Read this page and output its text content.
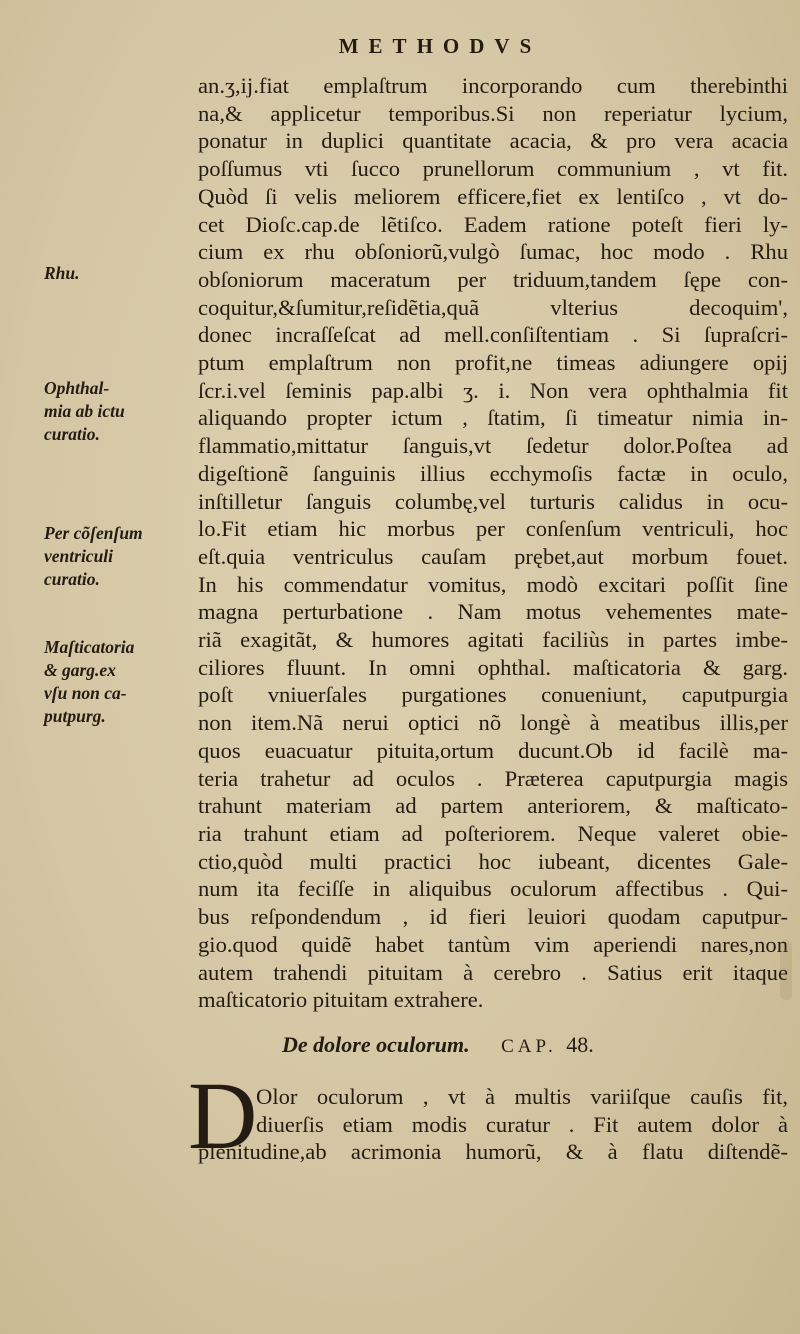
METHODVS
an.ʒ,ij.fiat emplaſtrum incorporando cum therebinthi
na,& applicetur temporibus.Si non reperiatur lycium,
ponatur in duplici quantitate acacia, & pro vera acacia
poſſumus vti ſucco prunellorum communium , vt fit.
Quòd ſi velis meliorem efficere,fiet ex lentiſco , vt do-
cet Dioſc.cap.de lẽtiſco. Eadem ratione poteſt fieri ly-
cium ex rhu obſoniorũ,vulgò ſumac, hoc modo . Rhu
obſoniorum maceratum per triduum,tandem ſępe con-
coquitur,&ſumitur,reſidẽtia,quã vlterius decoquim',
donec incraſſeſcat ad mell.conſiſtentiam . Si ſupraſcri-
ptum emplaſtrum non profit,ne timeas adiungere opij
ſcr.i.vel ſeminis pap.albi ʒ. i. Non vera ophthalmia fit
aliquando propter ictum , ſtatim, ſi timeatur nimia in-
flammatio,mittatur ſanguis,vt ſedetur dolor.Poſtea ad
digeſtionẽ ſanguinis illius ecchymoſis factæ in oculo,
inſtilletur ſanguis columbę,vel turturis calidus in ocu-
lo.Fit etiam hic morbus per conſenſum ventriculi, hoc
eſt.quia ventriculus cauſam prębet,aut morbum fouet.
In his commendatur vomitus, modò excitari poſſit ſine
magna perturbatione . Nam motus vehementes mate-
riã exagitãt, & humores agitati faciliùs in partes imbe-
ciliores fluunt. In omni ophthal. maſticatoria & garg.
poſt vniuerſales purgationes conueniunt, caputpurgia
non item.Nã nerui optici nõ longè à meatibus illis,per
quos euacuatur pituita,ortum ducunt.Ob id facilè ma-
teria trahetur ad oculos . Præterea caputpurgia magis
trahunt materiam ad partem anteriorem, & maſticato-
ria trahunt etiam ad poſteriorem. Neque valeret obie-
ctio,quòd multi practici hoc iubeant, dicentes Gale-
num ita feciſſe in aliquibus oculorum affectibus . Qui-
bus reſpondendum , id fieri leuiori quodam caputpur-
gio.quod quidẽ habet tantùm vim aperiendi nares,non
autem trahendi pituitam à cerebro . Satius erit itaque
maſticatorio pituitam extrahere.
Rhu.
Ophthal-
mia ab ictu
curatio.
Per cõſenſum
ventriculi
curatio.
Maſticatoria
& garg.ex
vſu non ca-
putpurg.
De dolore oculorum. CAP. 48.
D
Olor oculorum , vt à multis variiſque cauſis fit,
diuerſis etiam modis curatur . Fit autem dolor à
plenitudine,ab acrimonia humorũ, & à flatu diſtendẽ-
